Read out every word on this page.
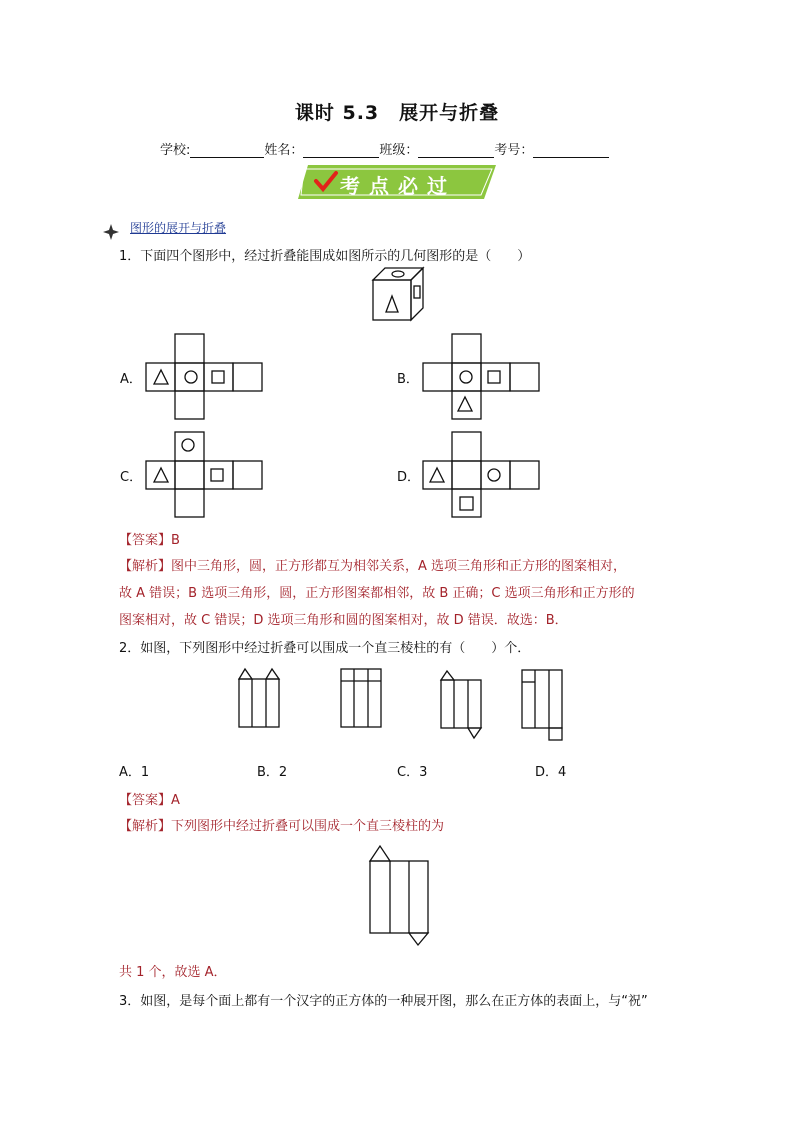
课时 5.3　展开与折叠
学校:	姓名：	班级：	考号：
考点必过
图形的展开与折叠
1．下面四个图形中，经过折叠能围成如图所示的几何图形的是（　　）
A．	B．
C．	D．
【答案】B
【解析】图中三角形，圆，正方形都互为相邻关系，A 选项三角形和正方形的图案相对，
故 A 错误；B 选项三角形，圆，正方形图案都相邻，故 B 正确；C 选项三角形和正方形的
图案相对，故 C 错误；D 选项三角形和圆的图案相对，故 D 错误．故选：B．
2．如图，下列图形中经过折叠可以围成一个直三棱柱的有（　　）个．
A．1	B．2	C．3	D．4
【答案】A
【解析】下列图形中经过折叠可以围成一个直三棱柱的为
共 1 个，故选 A．
3．如图，是每个面上都有一个汉字的正方体的一种展开图，那么在正方体的表面上，与“祝”
